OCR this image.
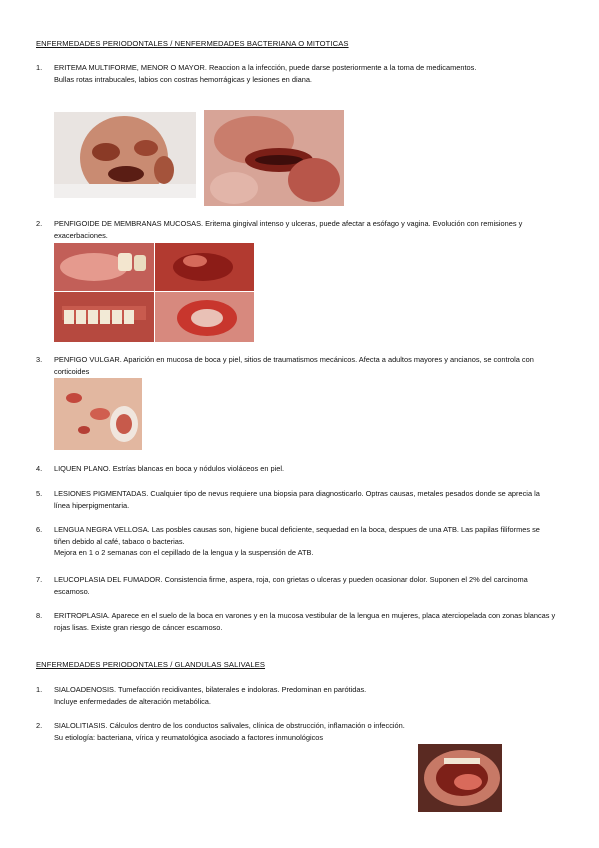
ENFERMEDADES PERIODONTALES / NENFERMEDADES BACTERIANA O MITOTICAS
1. ERITEMA MULTIFORME, MENOR O MAYOR. Reaccion a la infección, puede darse posteriormente a la toma de medicamentos.
Bullas rotas intrabucales, labios con costras hemorrágicas y lesiones en diana.
2. PENFIGOIDE DE MEMBRANAS MUCOSAS. Eritema gingival intenso y ulceras, puede afectar a esófago y vagina. Evolución con remisiones y exacerbaciones.
3. PENFIGO VULGAR. Aparición en mucosa de boca y piel, sitios de traumatismos mecánicos. Afecta a adultos mayores y ancianos, se controla con corticoides
4. LIQUEN PLANO. Estrías blancas en boca y nódulos violáceos en piel.
5. LESIONES PIGMENTADAS. Cualquier tipo de nevus requiere una biopsia para diagnosticarlo. Optras causas, metales pesados donde se aprecia la línea hiperpigmentaria.
6. LENGUA NEGRA VELLOSA. Las posbles causas son, higiene bucal deficiente, sequedad en la boca, despues de una ATB. Las papilas filiformes se tiñen debido al café, tabaco o bacterias.
Mejora en 1 o 2 semanas con el cepillado de la lengua y la suspensión de ATB.
7. LEUCOPLASIA DEL FUMADOR. Consistencia firme, aspera, roja, con grietas o ulceras y pueden ocasionar dolor. Suponen el 2% del carcinoma escamoso.
8. ERITROPLASIA. Aparece en el suelo de la boca en varones y en la mucosa vestibular de la lengua en mujeres, placa aterciopelada con zonas blancas y rojas lisas. Existe gran riesgo de cáncer escamoso.
ENFERMEDADES PERIODONTALES / GLANDULAS SALIVALES
1. SIALOADENOSIS. Tumefacción recidivantes, bilaterales e indoloras. Predominan en parótidas.
Incluye enfermedades de alteración metabólica.
2. SIALOLITIASIS. Cálculos dentro de los conductos salivales, clínica de obstrucción, inflamación o infección.
Su etiología: bacteriana, vírica y reumatológica asociado a factores inmunológicos
